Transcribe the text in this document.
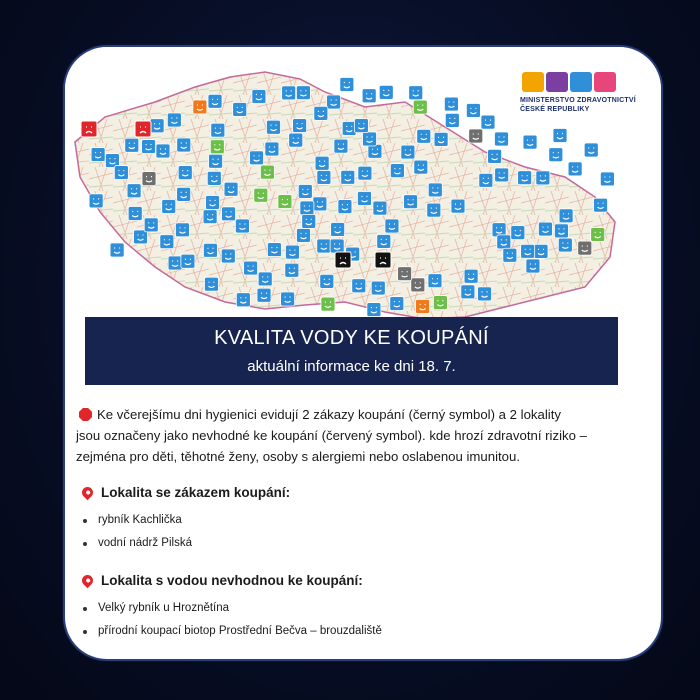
MINISTERSTVO ZDRAVOTNICTVÍ
ČESKÉ REPUBLIKY
KVALITA VODY KE KOUPÁNÍ
aktuální informace ke dni 18. 7.
Ke včerejšímu dni hygienici evidují 2 zákazy koupání (černý symbol) a 2 lokality
jsou označeny jako nevhodné ke koupání (červený symbol). kde hrozí zdravotní riziko –
zejména pro děti, těhotné ženy, osoby s alergiemi nebo oslabenou imunitou.
Lokalita se zákazem koupání:
rybník Kachlička
vodní nádrž Pilská
Lokalita s vodou nevhodnou ke koupání:
Velký rybník u Hroznětína
přírodní koupací biotop Prostřední Bečva – brouzdaliště
